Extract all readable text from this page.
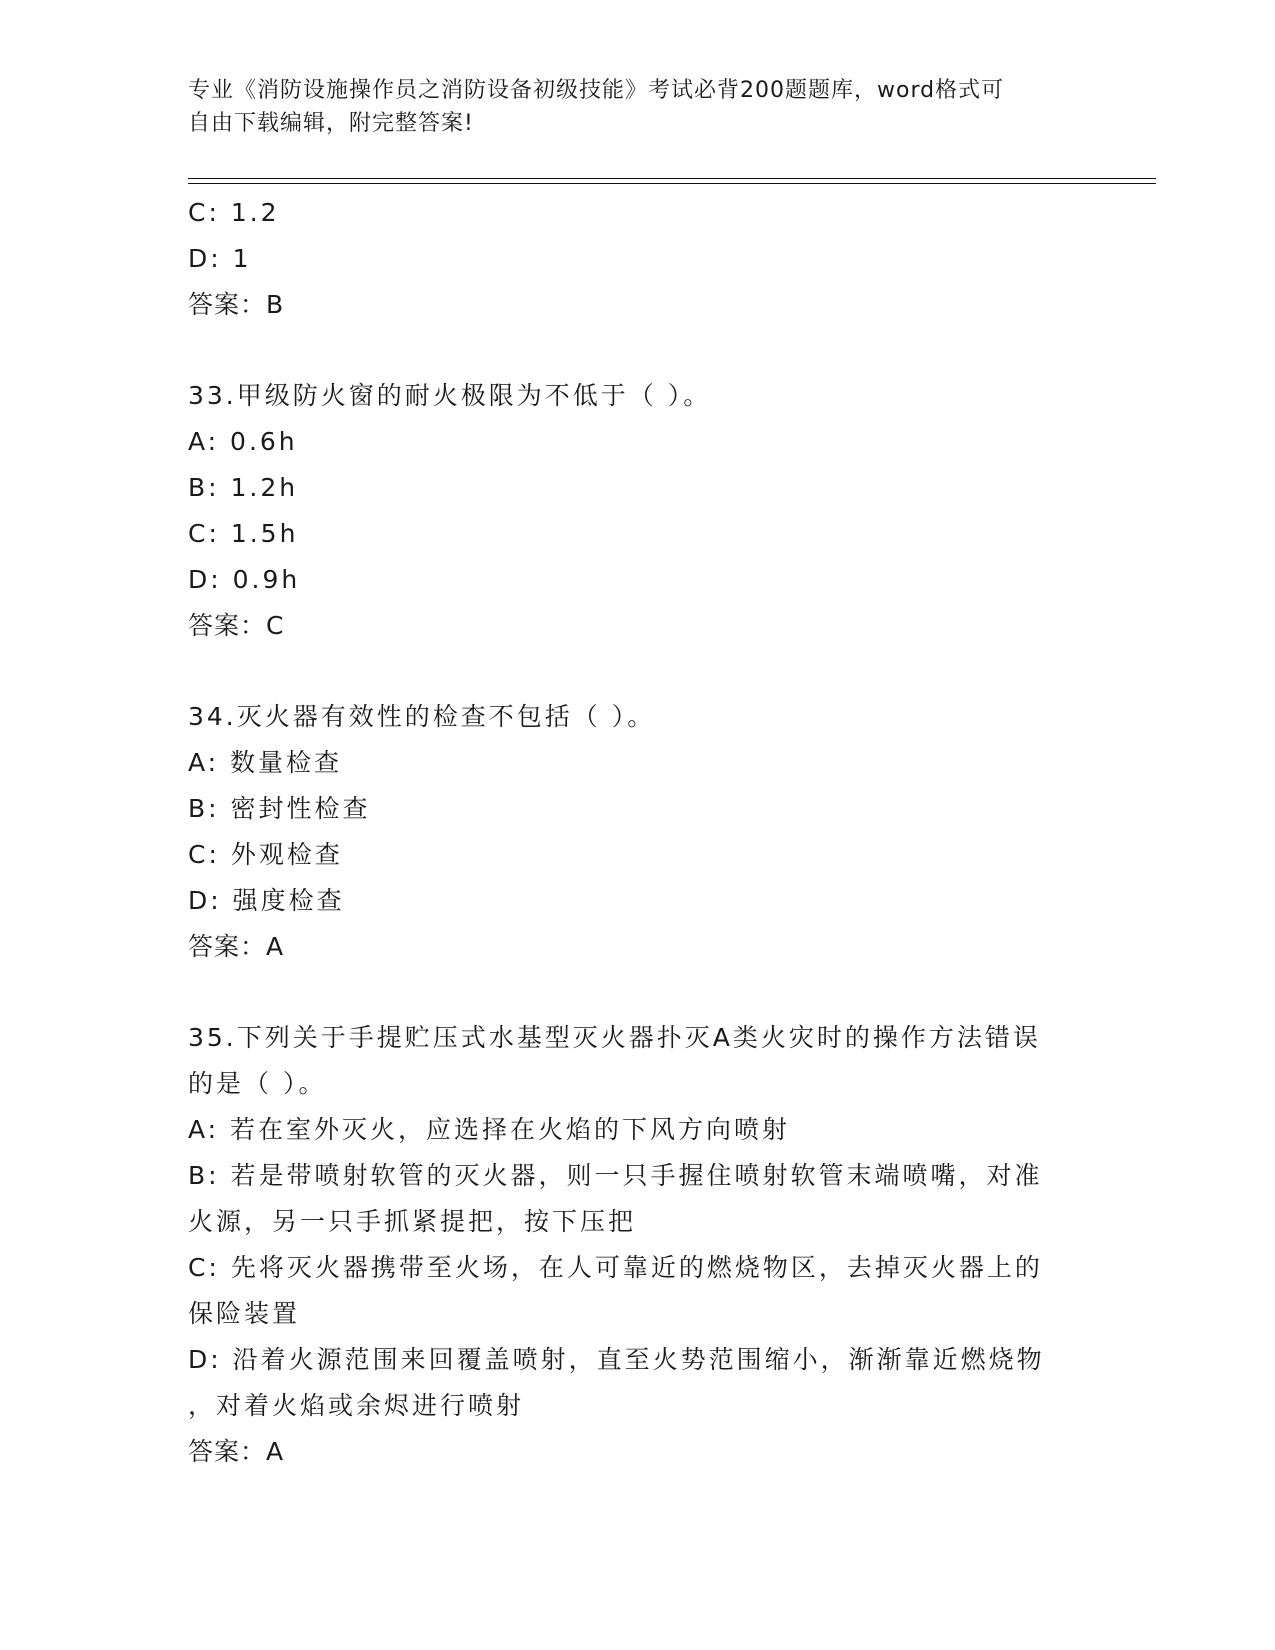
专业《消防设施操作员之消防设备初级技能》考试必背200题题库，word格式可
自由下载编辑，附完整答案!
C: 1.2
D: 1
答案：B
33.甲级防火窗的耐火极限为不低于（ ）。
A: 0.6h
B: 1.2h
C: 1.5h
D: 0.9h
答案：C
34.灭火器有效性的检查不包括（ ）。
A: 数量检查
B: 密封性检查
C: 外观检查
D: 强度检查
答案：A
35.下列关于手提贮压式水基型灭火器扑灭A类火灾时的操作方法错误
的是（ ）。
A: 若在室外灭火，应选择在火焰的下风方向喷射
B: 若是带喷射软管的灭火器，则一只手握住喷射软管末端喷嘴，对准
火源，另一只手抓紧提把，按下压把
C: 先将灭火器携带至火场，在人可靠近的燃烧物区，去掉灭火器上的
保险装置
D: 沿着火源范围来回覆盖喷射，直至火势范围缩小，渐渐靠近燃烧物
，对着火焰或余烬进行喷射
答案：A
